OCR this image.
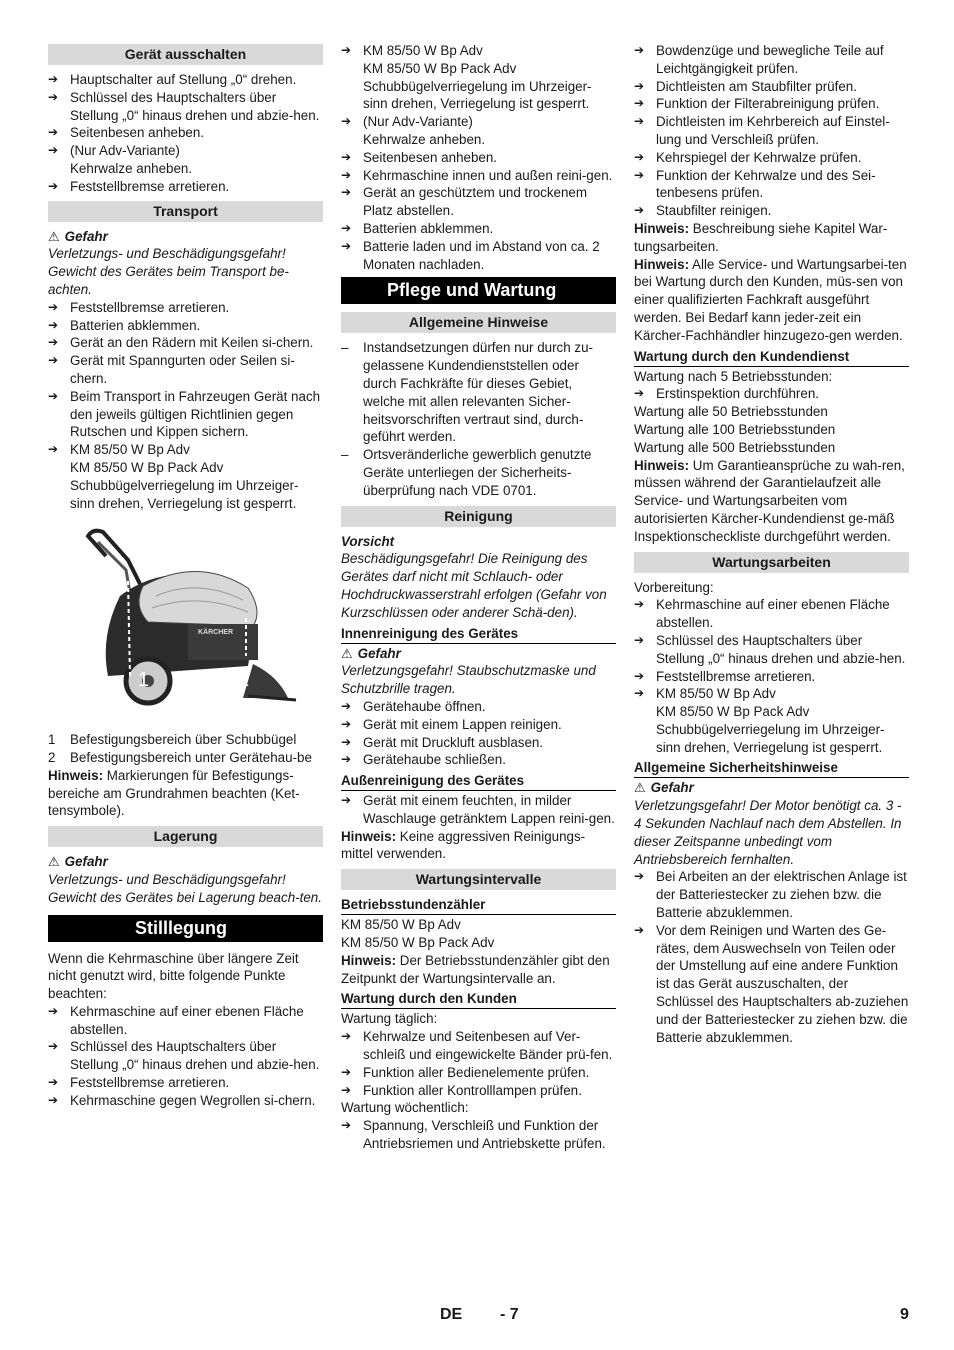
Gerät ausschalten
➔ Hauptschalter auf Stellung „0“ drehen.
➔ Schlüssel des Hauptschalters über Stellung „0“ hinaus drehen und abzie-hen.
➔ Seitenbesen anheben.
➔ (Nur Adv-Variante)
Kehrwalze anheben.
➔ Feststellbremse arretieren.
Transport
⚠ Gefahr
Verletzungs- und Beschädigungsgefahr! Gewicht des Gerätes beim Transport be-achten.
➔ Feststellbremse arretieren.
➔ Batterien abklemmen.
➔ Gerät an den Rädern mit Keilen si-chern.
➔ Gerät mit Spanngurten oder Seilen si-chern.
➔ Beim Transport in Fahrzeugen Gerät nach den jeweils gültigen Richtlinien gegen Rutschen und Kippen sichern.
➔ KM 85/50 W Bp Adv
KM 85/50 W Bp Pack Adv
Schubbügelverriegelung im Uhrzeiger-sinn drehen, Verriegelung ist gesperrt.
KÄRCHER
1	2
1	Befestigungsbereich über Schubbügel
2	Befestigungsbereich unter Gerätehau-be
Hinweis: Markierungen für Befestigungs-bereiche am Grundrahmen beachten (Ket-tensymbole).
Lagerung
⚠ Gefahr
Verletzungs- und Beschädigungsgefahr! Gewicht des Gerätes bei Lagerung beach-ten.
Stilllegung
Wenn die Kehrmaschine über längere Zeit nicht genutzt wird, bitte folgende Punkte beachten:
➔ Kehrmaschine auf einer ebenen Fläche abstellen.
➔ Schlüssel des Hauptschalters über Stellung „0“ hinaus drehen und abzie-hen.
➔ Feststellbremse arretieren.
➔ Kehrmaschine gegen Wegrollen si-chern.
➔ KM 85/50 W Bp Adv
KM 85/50 W Bp Pack Adv
Schubbügelverriegelung im Uhrzeiger-sinn drehen, Verriegelung ist gesperrt.
➔ (Nur Adv-Variante)
Kehrwalze anheben.
➔ Seitenbesen anheben.
➔ Kehrmaschine innen und außen reini-gen.
➔ Gerät an geschütztem und trockenem Platz abstellen.
➔ Batterien abklemmen.
➔ Batterie laden und im Abstand von ca. 2 Monaten nachladen.
Pflege und Wartung
Allgemeine Hinweise
–	Instandsetzungen dürfen nur durch zu-gelassene Kundendienststellen oder durch Fachkräfte für dieses Gebiet, welche mit allen relevanten Sicher-heitsvorschriften vertraut sind, durch-geführt werden.
–	Ortsveränderliche gewerblich genutzte Geräte unterliegen der Sicherheits-überprüfung nach VDE 0701.
Reinigung
Vorsicht
Beschädigungsgefahr! Die Reinigung des Gerätes darf nicht mit Schlauch- oder Hochdruckwasserstrahl erfolgen (Gefahr von Kurzschlüssen oder anderer Schä-den).
Innenreinigung des Gerätes
⚠ Gefahr
Verletzungsgefahr! Staubschutzmaske und Schutzbrille tragen.
➔ Gerätehaube öffnen.
➔ Gerät mit einem Lappen reinigen.
➔ Gerät mit Druckluft ausblasen.
➔ Gerätehaube schließen.
Außenreinigung des Gerätes
➔ Gerät mit einem feuchten, in milder Waschlauge getränktem Lappen reini-gen.
Hinweis: Keine aggressiven Reinigungs-mittel verwenden.
Wartungsintervalle
Betriebsstundenzähler
KM 85/50 W Bp Adv
KM 85/50 W Bp Pack Adv
Hinweis: Der Betriebsstundenzähler gibt den Zeitpunkt der Wartungsintervalle an.
Wartung durch den Kunden
Wartung täglich:
➔ Kehrwalze und Seitenbesen auf Ver-schleiß und eingewickelte Bänder prü-fen.
➔ Funktion aller Bedienelemente prüfen.
➔ Funktion aller Kontrolllampen prüfen.
Wartung wöchentlich:
➔ Spannung, Verschleiß und Funktion der Antriebsriemen und Antriebskette prüfen.
➔ Bowdenzüge und bewegliche Teile auf Leichtgängigkeit prüfen.
➔ Dichtleisten am Staubfilter prüfen.
➔ Funktion der Filterabreinigung prüfen.
➔ Dichtleisten im Kehrbereich auf Einstel-lung und Verschleiß prüfen.
➔ Kehrspiegel der Kehrwalze prüfen.
➔ Funktion der Kehrwalze und des Sei-tenbesens prüfen.
➔ Staubfilter reinigen.
Hinweis: Beschreibung siehe Kapitel War-tungsarbeiten.
Hinweis: Alle Service- und Wartungsarbei-ten bei Wartung durch den Kunden, müs-sen von einer qualifizierten Fachkraft ausgeführt werden. Bei Bedarf kann jeder-zeit ein Kärcher-Fachhändler hinzugezo-gen werden.
Wartung durch den Kundendienst
Wartung nach 5 Betriebsstunden:
➔ Erstinspektion durchführen.
Wartung alle 50 Betriebsstunden
Wartung alle 100 Betriebsstunden
Wartung alle 500 Betriebsstunden
Hinweis: Um Garantieansprüche zu wah-ren, müssen während der Garantielaufzeit alle Service- und Wartungsarbeiten vom autorisierten Kärcher-Kundendienst ge-mäß Inspektionscheckliste durchgeführt werden.
Wartungsarbeiten
Vorbereitung:
➔ Kehrmaschine auf einer ebenen Fläche abstellen.
➔ Schlüssel des Hauptschalters über Stellung „0“ hinaus drehen und abzie-hen.
➔ Feststellbremse arretieren.
➔ KM 85/50 W Bp Adv
KM 85/50 W Bp Pack Adv
Schubbügelverriegelung im Uhrzeiger-sinn drehen, Verriegelung ist gesperrt.
Allgemeine Sicherheitshinweise
⚠ Gefahr
Verletzungsgefahr! Der Motor benötigt ca. 3 - 4 Sekunden Nachlauf nach dem Abstellen. In dieser Zeitspanne unbedingt vom Antriebsbereich fernhalten.
➔ Bei Arbeiten an der elektrischen Anlage ist der Batteriestecker zu ziehen bzw. die Batterie abzuklemmen.
➔ Vor dem Reinigen und Warten des Ge-rätes, dem Auswechseln von Teilen oder der Umstellung auf eine andere Funktion ist das Gerät auszuschalten, der Schlüssel des Hauptschalters ab-zuziehen und der Batteriestecker zu ziehen bzw. die Batterie abzuklemmen.
DE - 7	9
